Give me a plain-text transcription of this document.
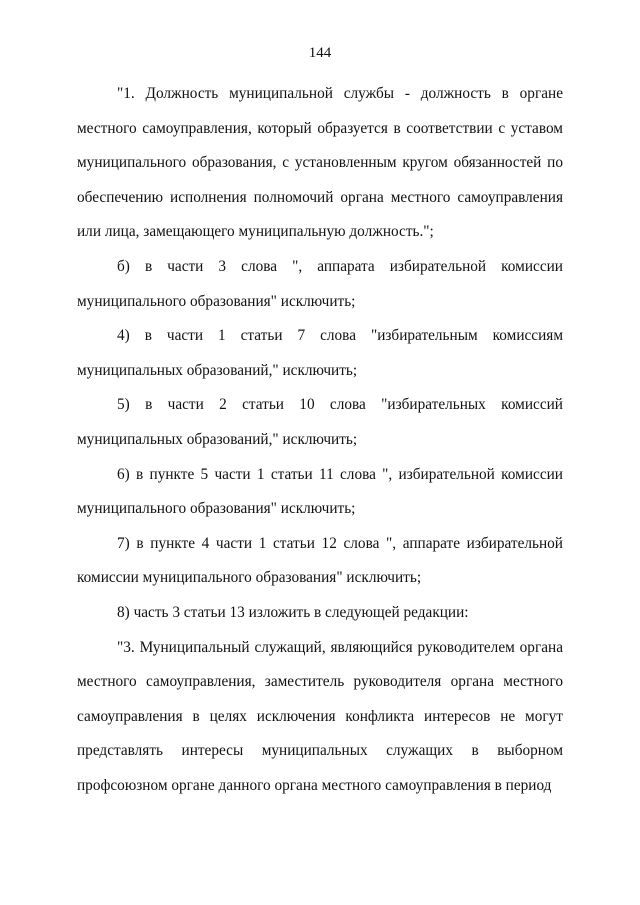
144

"1. Должность муниципальной службы - должность в органе местного самоуправления, который образуется в соответствии с уставом муниципального образования, с установленным кругом обязанностей по обеспечению исполнения полномочий органа местного самоуправления или лица, замещающего муниципальную должность.";

б) в части 3 слова ", аппарата избирательной комиссии муниципального образования" исключить;

4) в части 1 статьи 7 слова "избирательным комиссиям муниципальных образований," исключить;

5) в части 2 статьи 10 слова "избирательных комиссий муниципальных образований," исключить;

6) в пункте 5 части 1 статьи 11 слова ", избирательной комиссии муниципального образования" исключить;

7) в пункте 4 части 1 статьи 12 слова ", аппарате избирательной комиссии муниципального образования" исключить;

8) часть 3 статьи 13 изложить в следующей редакции:

"3. Муниципальный служащий, являющийся руководителем органа местного самоуправления, заместитель руководителя органа местного самоуправления в целях исключения конфликта интересов не могут представлять интересы муниципальных служащих в выборном профсоюзном органе данного органа местного самоуправления в период
